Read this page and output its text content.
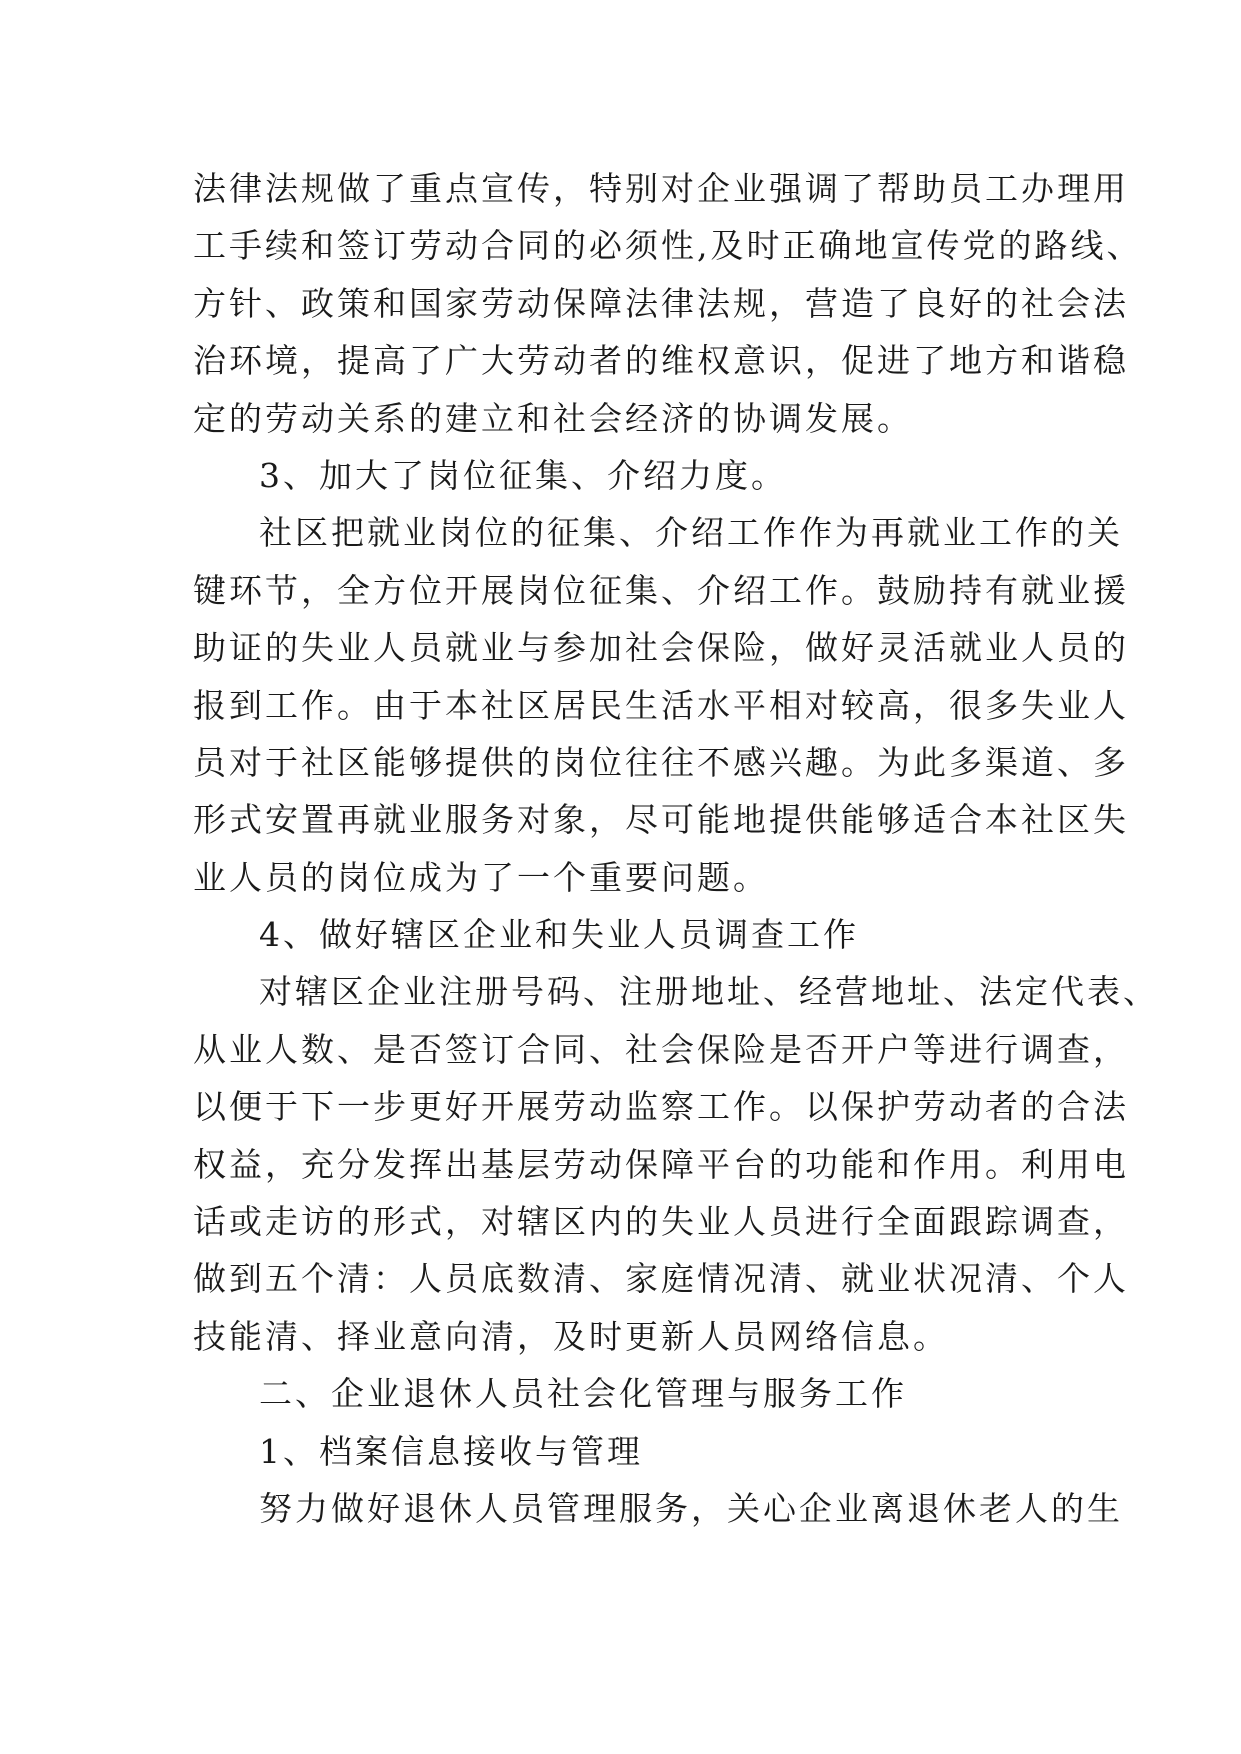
法律法规做了重点宣传，特别对企业强调了帮助员工办理用
工手续和签订劳动合同的必须性,及时正确地宣传党的路线、
方针、政策和国家劳动保障法律法规，营造了良好的社会法
治环境，提高了广大劳动者的维权意识，促进了地方和谐稳
定的劳动关系的建立和社会经济的协调发展。
3、加大了岗位征集、介绍力度。
社区把就业岗位的征集、介绍工作作为再就业工作的关
键环节，全方位开展岗位征集、介绍工作。鼓励持有就业援
助证的失业人员就业与参加社会保险，做好灵活就业人员的
报到工作。由于本社区居民生活水平相对较高，很多失业人
员对于社区能够提供的岗位往往不感兴趣。为此多渠道、多
形式安置再就业服务对象，尽可能地提供能够适合本社区失
业人员的岗位成为了一个重要问题。
4、做好辖区企业和失业人员调查工作
对辖区企业注册号码、注册地址、经营地址、法定代表、
从业人数、是否签订合同、社会保险是否开户等进行调查，
以便于下一步更好开展劳动监察工作。以保护劳动者的合法
权益，充分发挥出基层劳动保障平台的功能和作用。利用电
话或走访的形式，对辖区内的失业人员进行全面跟踪调查，
做到五个清：人员底数清、家庭情况清、就业状况清、个人
技能清、择业意向清，及时更新人员网络信息。
二、企业退休人员社会化管理与服务工作
1、档案信息接收与管理
努力做好退休人员管理服务，关心企业离退休老人的生
